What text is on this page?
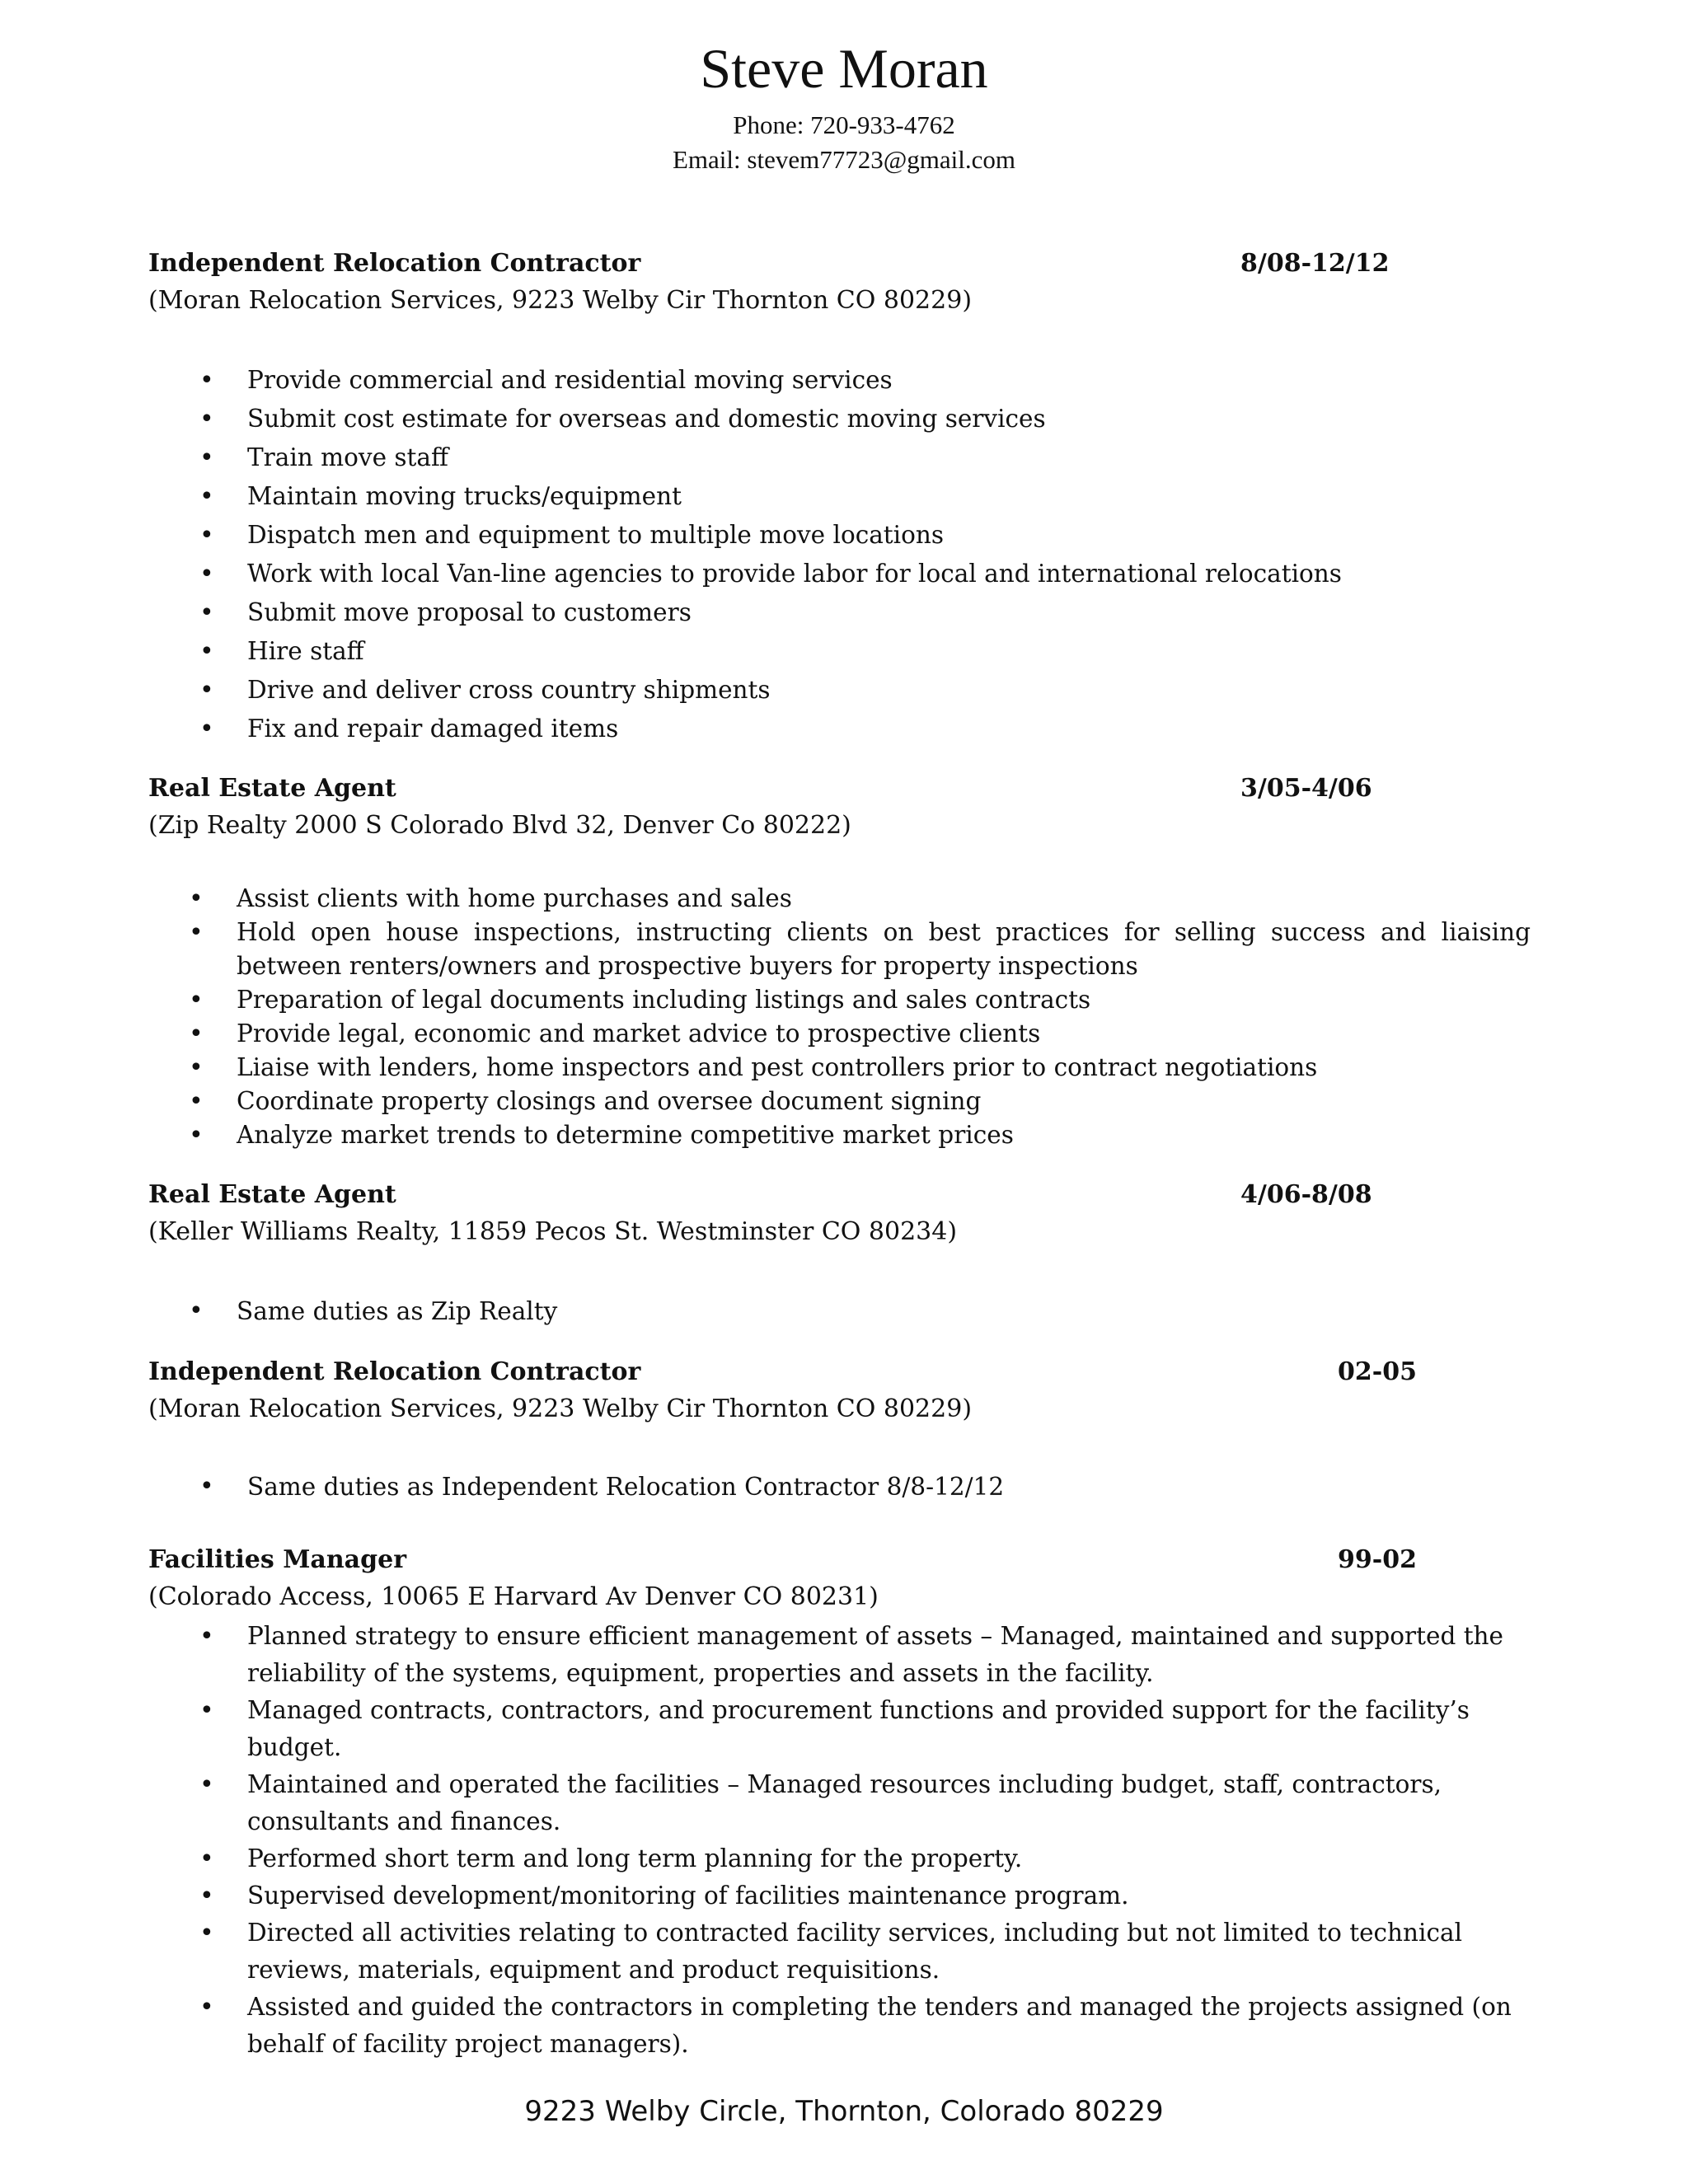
Steve Moran
Phone: 720-933-4762
Email: stevem77723@gmail.com
Independent Relocation Contractor	8/08-12/12
(Moran Relocation Services, 9223 Welby Cir Thornton CO 80229)
• Provide commercial and residential moving services
• Submit cost estimate for overseas and domestic moving services
• Train move staff
• Maintain moving trucks/equipment
• Dispatch men and equipment to multiple move locations
• Work with local Van-line agencies to provide labor for local and international relocations
• Submit move proposal to customers
• Hire staff
• Drive and deliver cross country shipments
• Fix and repair damaged items
Real Estate Agent	3/05-4/06
(Zip Realty 2000 S Colorado Blvd 32, Denver Co 80222)
• Assist clients with home purchases and sales
• Hold open house inspections, instructing clients on best practices for selling success and liaising between renters/owners and prospective buyers for property inspections
• Preparation of legal documents including listings and sales contracts
• Provide legal, economic and market advice to prospective clients
• Liaise with lenders, home inspectors and pest controllers prior to contract negotiations
• Coordinate property closings and oversee document signing
• Analyze market trends to determine competitive market prices
Real Estate Agent	4/06-8/08
(Keller Williams Realty, 11859 Pecos St. Westminster CO 80234)
• Same duties as Zip Realty
Independent Relocation Contractor	02-05
(Moran Relocation Services, 9223 Welby Cir Thornton CO 80229)
• Same duties as Independent Relocation Contractor 8/8-12/12
Facilities Manager	99-02
(Colorado Access, 10065 E Harvard Av Denver CO 80231)
• Planned strategy to ensure efficient management of assets – Managed, maintained and supported the reliability of the systems, equipment, properties and assets in the facility.
• Managed contracts, contractors, and procurement functions and provided support for the facility’s budget.
• Maintained and operated the facilities – Managed resources including budget, staff, contractors, consultants and finances.
• Performed short term and long term planning for the property.
• Supervised development/monitoring of facilities maintenance program.
• Directed all activities relating to contracted facility services, including but not limited to technical reviews, materials, equipment and product requisitions.
• Assisted and guided the contractors in completing the tenders and managed the projects assigned (on behalf of facility project managers).
9223 Welby Circle, Thornton, Colorado 80229
